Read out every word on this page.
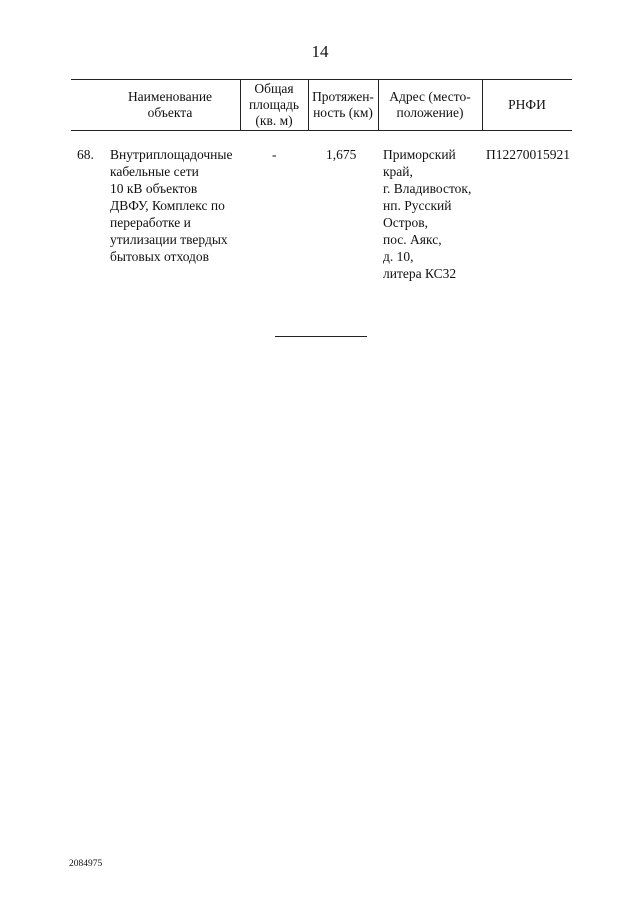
14
Наименование
объекта
Общая
площадь
(кв. м)
Протяжен-
ность (км)
Адрес (место-
положение)
РНФИ
68. Внутриплощадочные
кабельные сети
10 кВ объектов
ДВФУ, Комплекс по
переработке и
утилизации твердых
бытовых отходов
-	1,675 Приморский
край,
г. Владивосток,
нп. Русский
Остров,
пос. Аякс,
д. 10,
литера КС32
П12270015921
2084975
